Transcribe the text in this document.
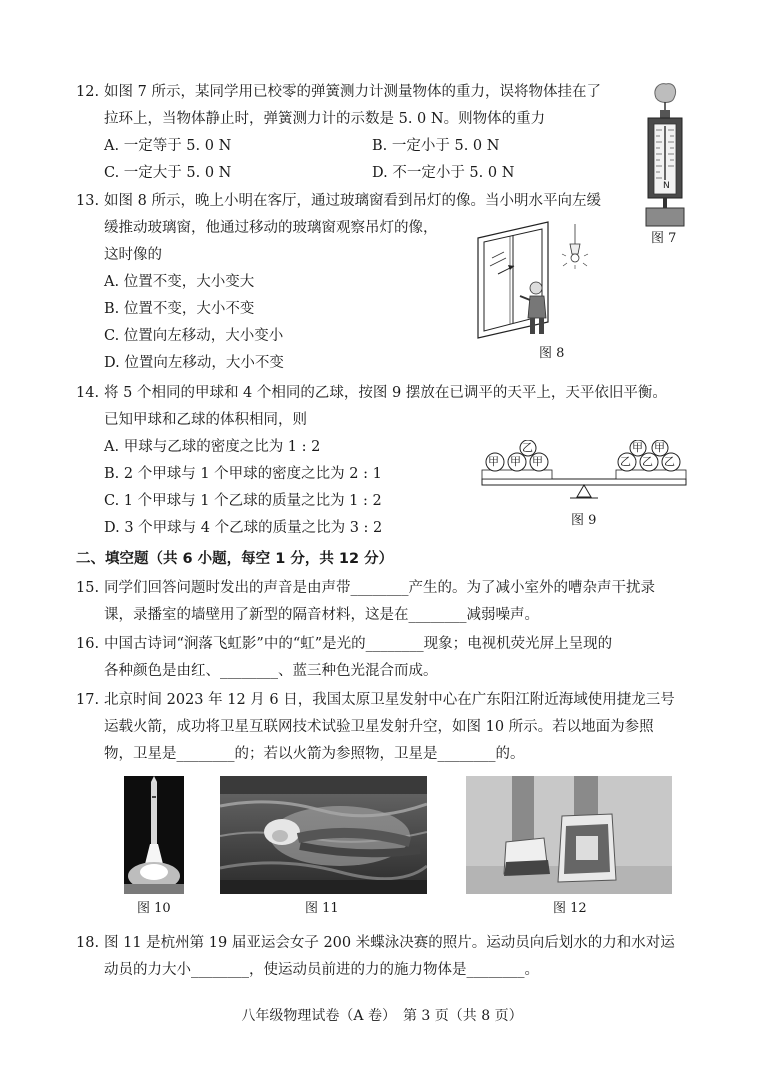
12. 如图 7 所示，某同学用已校零的弹簧测力计测量物体的重力，误将物体挂在了
拉环上，当物体静止时，弹簧测力计的示数是 5. 0 N。则物体的重力
A. 一定等于 5. 0 N	B. 一定小于 5. 0 N
C. 一定大于 5. 0 N	D. 不一定小于 5. 0 N
N
图 7
13. 如图 8 所示，晚上小明在客厅，通过玻璃窗看到吊灯的像。当小明水平向左缓
缓推动玻璃窗，他通过移动的玻璃窗观察吊灯的像，
这时像的
A. 位置不变，大小变大
B. 位置不变，大小不变
C. 位置向左移动，大小变小
D. 位置向左移动，大小不变
图 8
14. 将 5 个相同的甲球和 4 个相同的乙球，按图 9 摆放在已调平的天平上，天平依旧平衡。
已知甲球和乙球的体积相同，则
A. 甲球与乙球的密度之比为 1 : 2
B. 2 个甲球与 1 个甲球的密度之比为 2 : 1
C. 1 个甲球与 1 个乙球的质量之比为 1 : 2
D. 3 个甲球与 4 个乙球的质量之比为 3 : 2
甲 甲 甲
乙
乙 乙 乙
甲 甲
图 9
二、填空题（共 6 小题，每空 1 分，共 12 分）
15. 同学们回答问题时发出的声音是由声带________产生的。为了减小室外的嘈杂声干扰录
课，录播室的墙壁用了新型的隔音材料，这是在________减弱噪声。
16. 中国古诗词“涧落飞虹影”中的“虹”是光的________现象；电视机荧光屏上呈现的
各种颜色是由红、________、蓝三种色光混合而成。
17. 北京时间 2023 年 12 月 6 日，我国太原卫星发射中心在广东阳江附近海域使用捷龙三号
运载火箭，成功将卫星互联网技术试验卫星发射升空，如图 10 所示。若以地面为参照
物，卫星是________的；若以火箭为参照物，卫星是________的。
图 10	图 11	图 12
18. 图 11 是杭州第 19 届亚运会女子 200 米蝶泳决赛的照片。运动员向后划水的力和水对运
动员的力大小________，使运动员前进的力的施力物体是________。
八年级物理试卷（A 卷）　第 3 页（共 8 页）
